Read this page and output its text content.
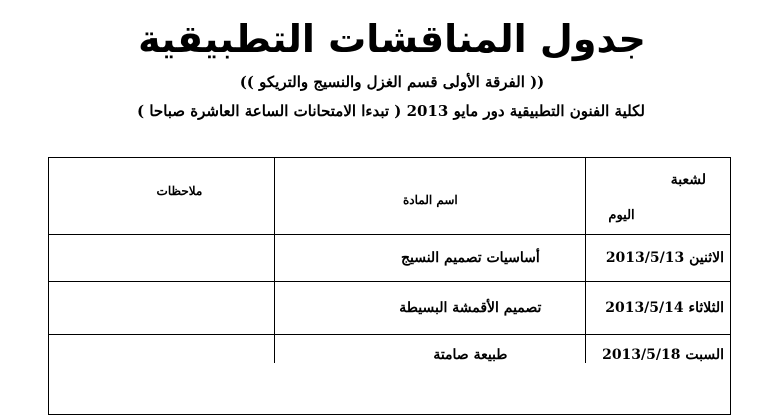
جدول المناقشات التطبيقية
(( الفرقة الأولى قسم الغزل والنسيج والتريكو ))
لكلية الفنون التطبيقية دور مايو 2013 ( تبدءا الامتحانات الساعة العاشرة صباحا )
لشعبة
اليوم
اسم المادة
ملاحظات
الاثنين 2013/5/13
أساسيات تصميم النسيج
الثلاثاء 2013/5/14
تصميم الأقمشة البسيطة
السبت 2013/5/18
طبيعة صامتة
